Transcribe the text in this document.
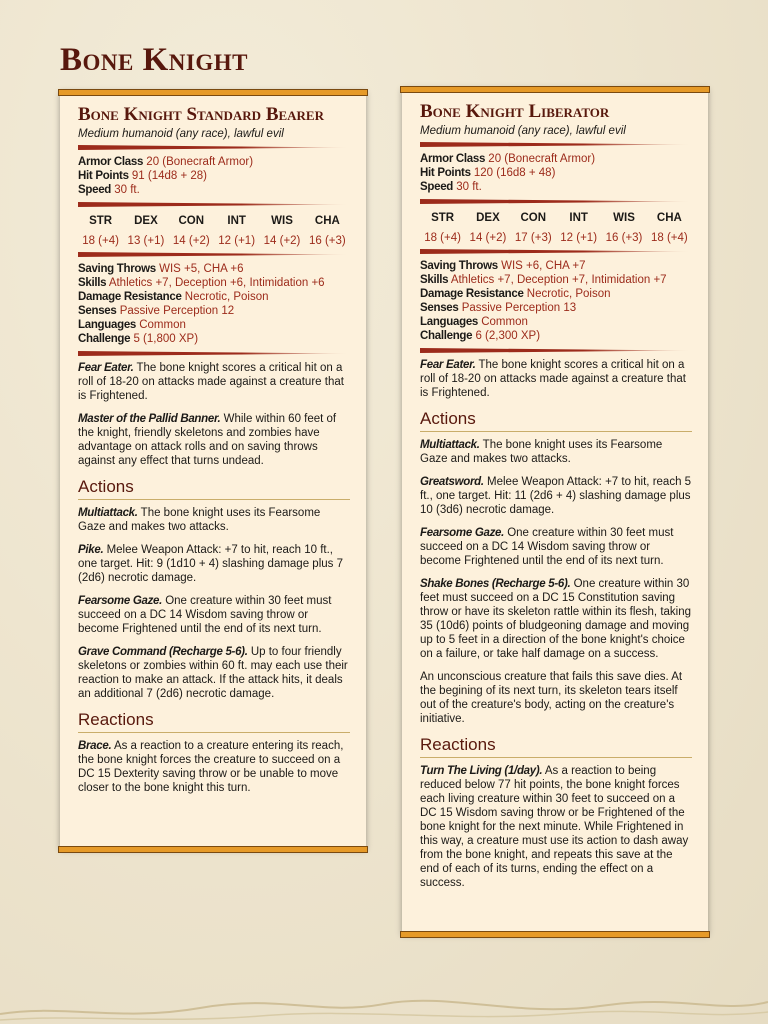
Bone Knight
Bone Knight Standard Bearer

Medium humanoid (any race), lawful evil

Armor Class 20 (Bonecraft Armor)

Hit Points 91 (14d8 + 28)

Speed 30 ft.

STR
18 (+4)
DEX
13 (+1)
CON
14 (+2)
INT
12 (+1)
WIS
14 (+2)
CHA
16 (+3)

Saving Throws WIS +5, CHA +6

Skills Athletics +7, Deception +6, Intimidation +6

Damage Resistance Necrotic, Poison

Senses Passive Perception 12

Languages Common

Challenge 5 (1,800 XP)

Fear Eater. The bone knight scores a critical hit on a roll of 18-20 on attacks made against a creature that is Frightened.

Master of the Pallid Banner. While within 60 feet of the knight, friendly skeletons and zombies have advantage on attack rolls and on saving throws against any effect that turns undead.

Actions

Multiattack. The bone knight uses its Fearsome Gaze and makes two attacks.

Pike. Melee Weapon Attack: +7 to hit, reach 10 ft., one target. Hit: 9 (1d10 + 4) slashing damage plus 7 (2d6) necrotic damage.

Fearsome Gaze. One creature within 30 feet must succeed on a DC 14 Wisdom saving throw or become Frightened until the end of its next turn.

Grave Command (Recharge 5-6). Up to four friendly skeletons or zombies within 60 ft. may each use their reaction to make an attack. If the attack hits, it deals an additional 7 (2d6) necrotic damage.

Reactions

Brace. As a reaction to a creature entering its reach, the bone knight forces the creature to succeed on a DC 15 Dexterity saving throw or be unable to move closer to the bone knight this turn.

Bone Knight Liberator

Medium humanoid (any race), lawful evil

Armor Class 20 (Bonecraft Armor)

Hit Points 120 (16d8 + 48)

Speed 30 ft.

STR
18 (+4)
DEX
14 (+2)
CON
17 (+3)
INT
12 (+1)
WIS
16 (+3)
CHA
18 (+4)

Saving Throws WIS +6, CHA +7

Skills Athletics +7, Deception +7, Intimidation +7

Damage Resistance Necrotic, Poison

Senses Passive Perception 13

Languages Common

Challenge 6 (2,300 XP)

Fear Eater. The bone knight scores a critical hit on a roll of 18-20 on attacks made against a creature that is Frightened.

Actions

Multiattack. The bone knight uses its Fearsome Gaze and makes two attacks.

Greatsword. Melee Weapon Attack: +7 to hit, reach 5 ft., one target. Hit: 11 (2d6 + 4) slashing damage plus 10 (3d6) necrotic damage.

Fearsome Gaze. One creature within 30 feet must succeed on a DC 14 Wisdom saving throw or become Frightened until the end of its next turn.

Shake Bones (Recharge 5-6). One creature within 30 feet must succeed on a DC 15 Constitution saving throw or have its skeleton rattle within its flesh, taking 35 (10d6) points of bludgeoning damage and moving up to 5 feet in a direction of the bone knight's choice on a failure, or take half damage on a success.

An unconscious creature that fails this save dies. At the begining of its next turn, its skeleton tears itself out of the creature's body, acting on the creature's initiative.

Reactions

Turn The Living (1/day). As a reaction to being reduced below 77 hit points, the bone knight forces each living creature within 30 feet to succeed on a DC 15 Wisdom saving throw or be Frightened of the bone knight for the next minute. While Frightened in this way, a creature must use its action to dash away from the bone knight, and repeats this save at the end of each of its turns, ending the effect on a success.
